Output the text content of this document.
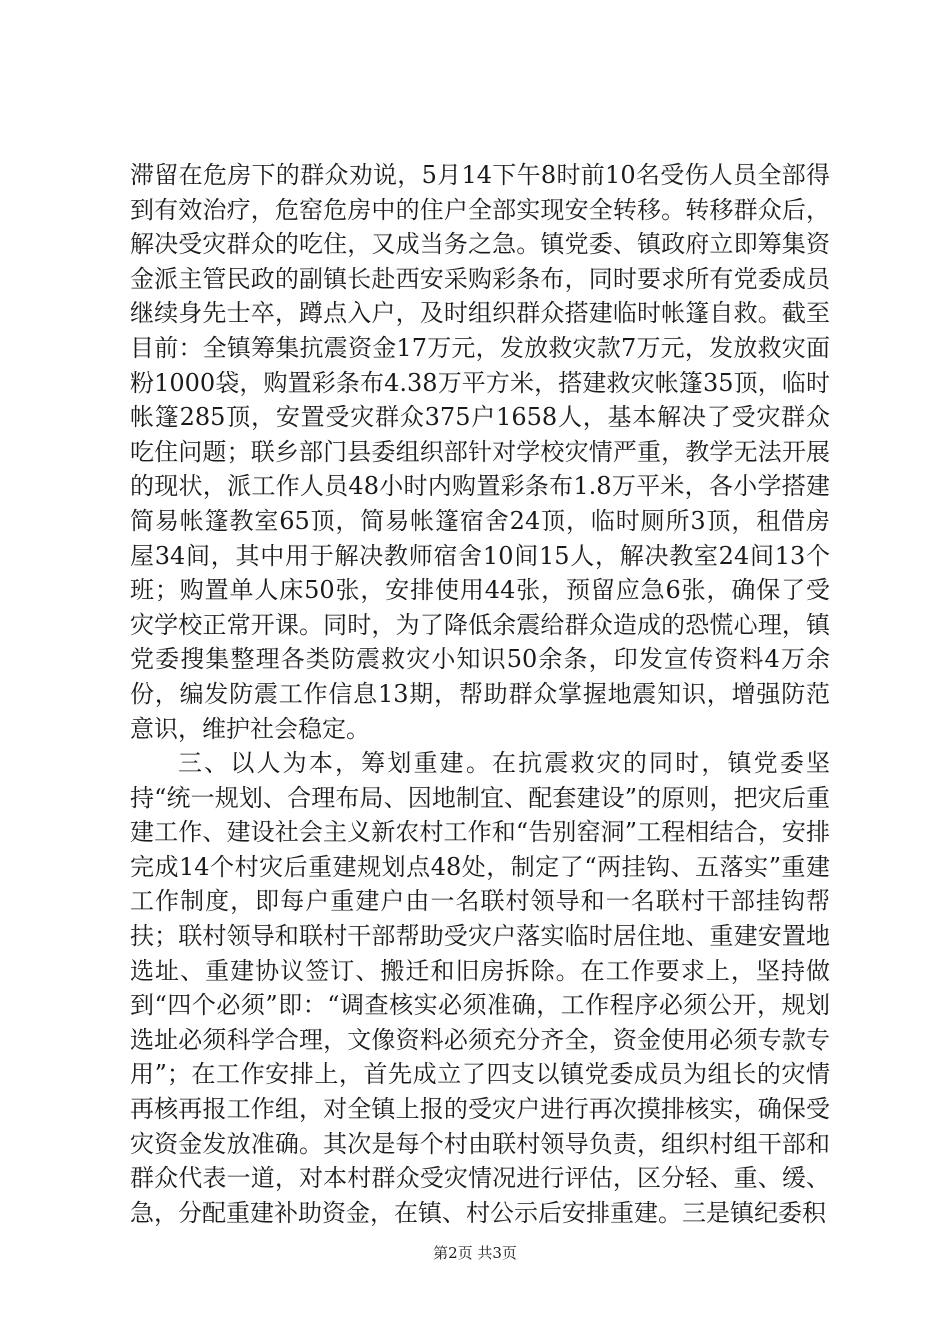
滞留在危房下的群众劝说，5月14下午8时前10名受伤人员全部得到有效治疗，危窑危房中的住户全部实现安全转移。转移群众后，解决受灾群众的吃住，又成当务之急。镇党委、镇政府立即筹集资金派主管民政的副镇长赴西安采购彩条布，同时要求所有党委成员继续身先士卒，蹲点入户，及时组织群众搭建临时帐篷自救。截至目前：全镇筹集抗震资金17万元，发放救灾款7万元，发放救灾面粉1000袋，购置彩条布4.38万平方米，搭建救灾帐篷35顶，临时帐篷285顶，安置受灾群众375户1658人，基本解决了受灾群众吃住问题；联乡部门县委组织部针对学校灾情严重，教学无法开展的现状，派工作人员48小时内购置彩条布1.8万平米，各小学搭建简易帐篷教室65顶，简易帐篷宿舍24顶，临时厕所3顶，租借房屋34间，其中用于解决教师宿舍10间15人，解决教室24间13个班；购置单人床50张，安排使用44张，预留应急6张，确保了受灾学校正常开课。同时，为了降低余震给群众造成的恐慌心理，镇党委搜集整理各类防震救灾小知识50余条，印发宣传资料4万余份，编发防震工作信息13期，帮助群众掌握地震知识，增强防范意识，维护社会稳定。

三、以人为本，筹划重建。在抗震救灾的同时，镇党委坚持“统一规划、合理布局、因地制宜、配套建设”的原则，把灾后重建工作、建设社会主义新农村工作和“告别窑洞”工程相结合，安排完成14个村灾后重建规划点48处，制定了“两挂钩、五落实”重建工作制度，即每户重建户由一名联村领导和一名联村干部挂钩帮扶；联村领导和联村干部帮助受灾户落实临时居住地、重建安置地选址、重建协议签订、搬迁和旧房拆除。在工作要求上，坚持做到“四个必须”即：“调查核实必须准确，工作程序必须公开，规划选址必须科学合理，文像资料必须充分齐全，资金使用必须专款专用”；在工作安排上，首先成立了四支以镇党委成员为组长的灾情再核再报工作组，对全镇上报的受灾户进行再次摸排核实，确保受灾资金发放准确。其次是每个村由联村领导负责，组织村组干部和群众代表一道，对本村群众受灾情况进行评估，区分轻、重、缓、急，分配重建补助资金，在镇、村公示后安排重建。三是镇纪委积

第2页 共3页
